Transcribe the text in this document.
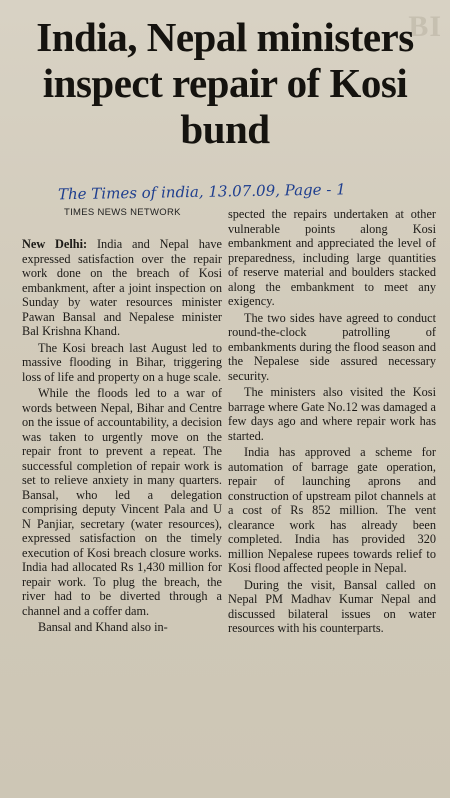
BI
India, Nepal ministers inspect repair of Kosi bund
The Times of india, 13.07.09, Page - 1
TIMES NEWS NETWORK

New Delhi: India and Nepal have expressed satisfaction over the repair work done on the breach of Kosi embankment, after a joint inspection on Sunday by water resources minister Pawan Bansal and Nepalese minister Bal Krishna Khand.

The Kosi breach last August led to massive flooding in Bihar, triggering loss of life and property on a huge scale.

While the floods led to a war of words between Nepal, Bihar and Centre on the issue of accountability, a decision was taken to urgently move on the repair front to prevent a repeat. The successful completion of repair work is set to relieve anxiety in many quarters. Bansal, who led a delegation comprising deputy Vincent Pala and U N Panjiar, secretary (water resources), expressed satisfaction on the timely execution of Kosi breach closure works. India had allocated Rs 1,430 million for repair work. To plug the breach, the river had to be diverted through a channel and a coffer dam.

Bansal and Khand also in-

spected the repairs undertaken at other vulnerable points along Kosi embankment and appreciated the level of preparedness, including large quantities of reserve material and boulders stacked along the embankment to meet any exigency.

The two sides have agreed to conduct round-the-clock patrolling of embankments during the flood season and the Nepalese side assured necessary security.

The ministers also visited the Kosi barrage where Gate No.12 was damaged a few days ago and where repair work has started.

India has approved a scheme for automation of barrage gate operation, repair of launching aprons and construction of upstream pilot channels at a cost of Rs 852 million. The vent clearance work has already been completed. India has provided 320 million Nepalese rupees towards relief to Kosi flood affected people in Nepal.

During the visit, Bansal called on Nepal PM Madhav Kumar Nepal and discussed bilateral issues on water resources with his counterparts.
